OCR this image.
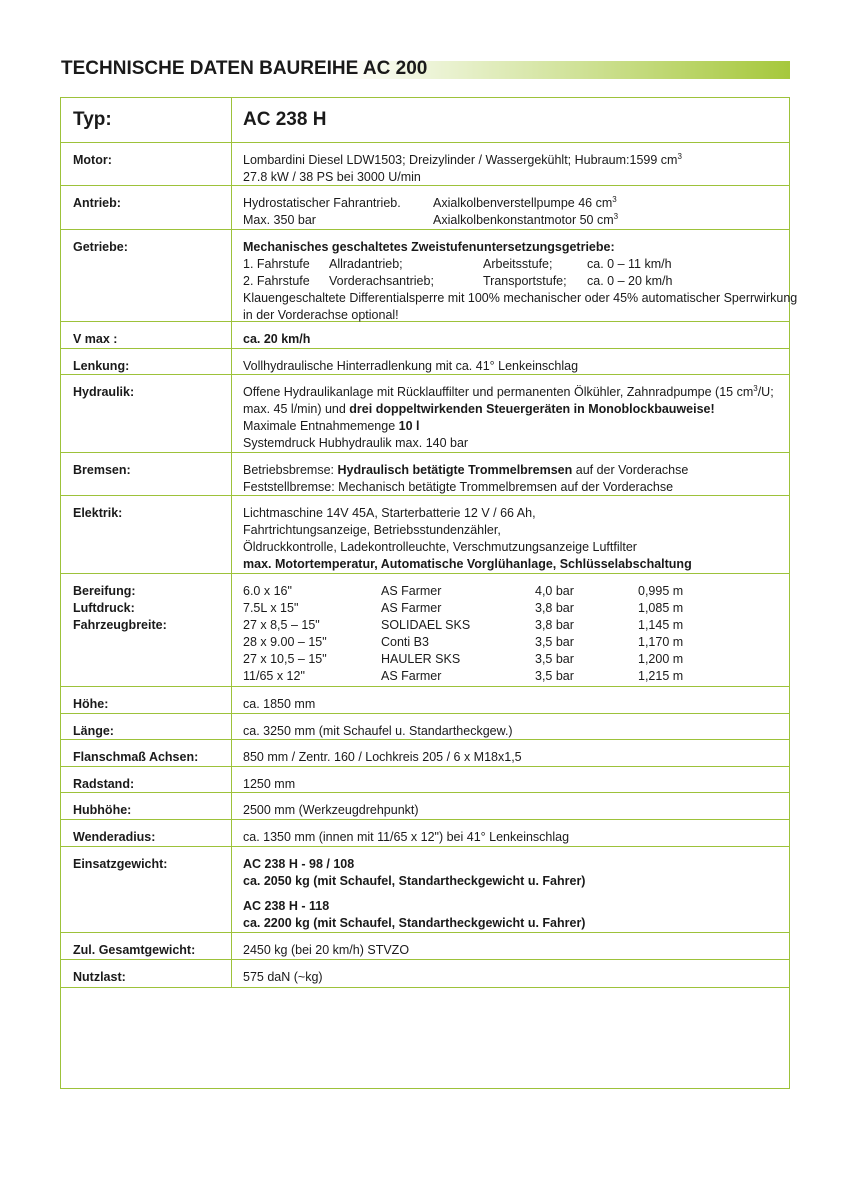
TECHNISCHE DATEN BAUREIHE AC 200
Typ:	AC 238 H
Motor:	Lombardini Diesel LDW1503; Dreizylinder / Wassergekühlt; Hubraum:1599 $cm^3$
27.8 kW / 38 PS bei 3000 U/min
Antrieb:	Hydrostatischer Fahrantrieb.	Axialkolbenverstellpumpe 46 $cm^3$
Max. 350 bar	Axialkolbenkonstantmotor 50 $cm^3$
Getriebe:	Mechanisches geschaltetes Zweistufenuntersetzungsgetriebe:
1. Fahrstufe Allradantrieb;	Arbeitsstufe;	ca. 0 – 11 km/h
2. Fahrstufe Vorderachsantrieb;	Transportstufe; ca. 0 – 20 km/h
Klauengeschaltete Differentialsperre mit 100% mechanischer oder 45% automatischer Sperrwirkung
in der Vorderachse optional!
V max :	ca. 20 km/h
Lenkung:	Vollhydraulische Hinterradlenkung mit ca. 41° Lenkeinschlag
Hydraulik:	Offene Hydraulikanlage mit Rücklauffilter und permanenten Ölkühler, Zahnradpumpe (15 $cm^3/U$;
max. 45 l/min) und drei doppeltwirkenden Steuergeräten in Monoblockbauweise!
Maximale Entnahmemenge 10 l
Systemdruck Hubhydraulik max. 140 bar
Bremsen:	Betriebsbremse: Hydraulisch betätigte Trommelbremsen auf der Vorderachse
Feststellbremse: Mechanisch betätigte Trommelbremsen auf der Vorderachse
Elektrik:	Lichtmaschine 14V 45A, Starterbatterie 12 V / 66 Ah,
Fahrtrichtungsanzeige, Betriebsstundenzähler,
Öldruckkontrolle, Ladekontrolleuchte, Verschmutzungsanzeige Luftfilter
max. Motortemperatur, Automatische Vorglühanlage, Schlüsselabschaltung
Bereifung:
Luftdruck:
Fahrzeugbreite:
6.0 x 16"	AS Farmer	4,0 bar	0,995 m
7.5L x 15"	AS Farmer	3,8 bar	1,085 m
27 x 8,5 – 15"	SOLIDAEL SKS	3,8 bar	1,145 m
28 x 9.00 – 15"	Conti B3	3,5 bar	1,170 m
27 x 10,5 – 15"	HAULER SKS	3,5 bar	1,200 m
11/65 x 12"	AS Farmer	3,5 bar	1,215 m
Höhe:	ca. 1850 mm
Länge:	ca. 3250 mm (mit Schaufel u. Standartheckgew.)
Flanschmaß Achsen:	850 mm / Zentr. 160 / Lochkreis 205 / 6 x M18x1,5
Radstand:	1250 mm
Hubhöhe:	2500 mm (Werkzeugdrehpunkt)
Wenderadius:	ca. 1350 mm (innen mit 11/65 x 12") bei 41° Lenkeinschlag
Einsatzgewicht:	AC 238 H - 98 / 108
ca. 2050 kg (mit Schaufel, Standartheckgewicht u. Fahrer)
AC 238 H - 118
ca. 2200 kg (mit Schaufel, Standartheckgewicht u. Fahrer)
Zul. Gesamtgewicht:	2450 kg (bei 20 km/h) STVZO
Nutzlast:	575 daN (~kg)
